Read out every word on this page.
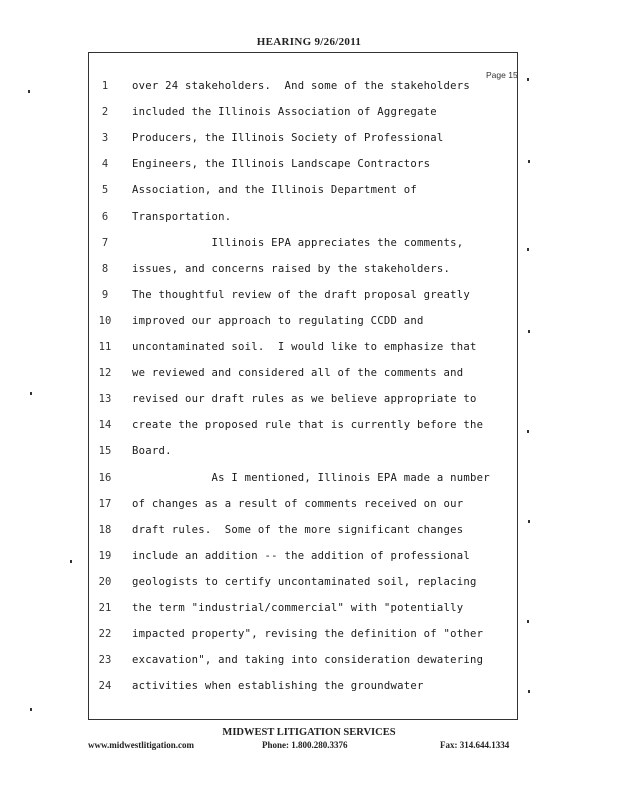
HEARING 9/26/2011
Page 15
1	over 24 stakeholders.  And some of the stakeholders
2	included the Illinois Association of Aggregate
3	Producers, the Illinois Society of Professional
4	Engineers, the Illinois Landscape Contractors
5	Association, and the Illinois Department of
6	Transportation.
7	Illinois EPA appreciates the comments,
8	issues, and concerns raised by the stakeholders.
9	The thoughtful review of the draft proposal greatly
10 improved our approach to regulating CCDD and
11 uncontaminated soil.  I would like to emphasize that
12 we reviewed and considered all of the comments and
13 revised our draft rules as we believe appropriate to
14 create the proposed rule that is currently before the
15 Board.
16 As I mentioned, Illinois EPA made a number
17 of changes as a result of comments received on our
18 draft rules.  Some of the more significant changes
19 include an addition -- the addition of professional
20 geologists to certify uncontaminated soil, replacing
21 the term "industrial/commercial" with "potentially
22 impacted property", revising the definition of "other
23 excavation", and taking into consideration dewatering
24 activities when establishing the groundwater
MIDWEST LITIGATION SERVICES
www.midwestlitigation.com	Phone: 1.800.280.3376	Fax: 314.644.1334
